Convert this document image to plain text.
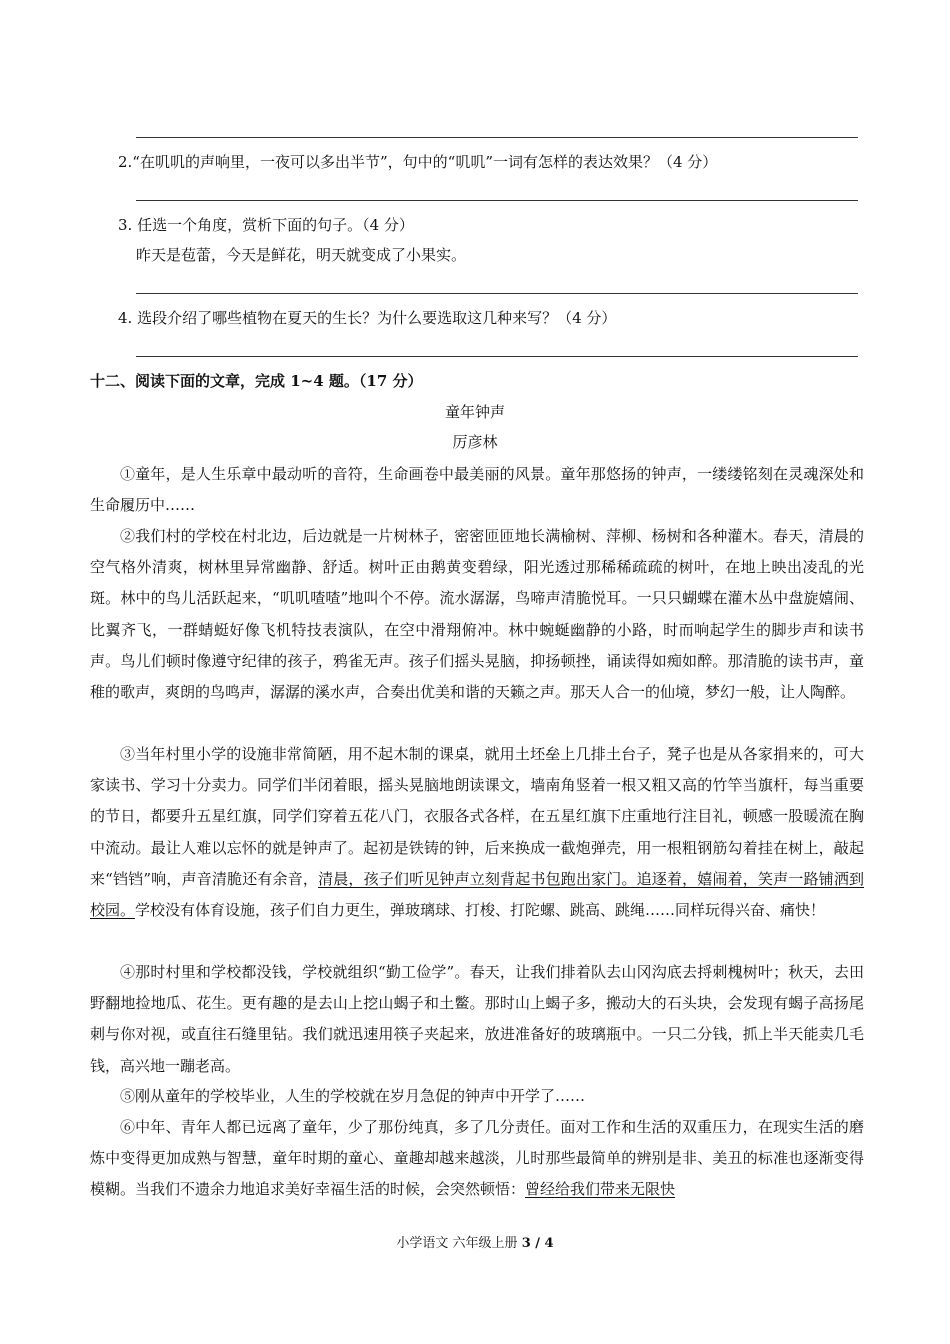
2.“在叽叽的声响里，一夜可以多出半节”，句中的“叽叽”一词有怎样的表达效果？（4 分）
3. 任选一个角度，赏析下面的句子。（4 分）
昨天是苞蕾，今天是鲜花，明天就变成了小果实。
4. 选段介绍了哪些植物在夏天的生长？为什么要选取这几种来写？（4 分）
十二、阅读下面的文章，完成 1~4 题。（17 分）
童年钟声
厉彦林
①童年，是人生乐章中最动听的音符，生命画卷中最美丽的风景。童年那悠扬的钟声，一缕缕铭刻在灵魂深处和生命履历中……
②我们村的学校在村北边，后边就是一片树林子，密密匝匝地长满榆树、萍柳、杨树和各种灌木。春天，清晨的空气格外清爽，树林里异常幽静、舒适。树叶正由鹅黄变碧绿，阳光透过那稀稀疏疏的树叶，在地上映出凌乱的光斑。林中的鸟儿活跃起来，“叽叽喳喳”地叫个不停。流水潺潺，鸟啼声清脆悦耳。一只只蝴蝶在灌木丛中盘旋嬉闹、比翼齐飞，一群蜻蜓好像飞机特技表演队，在空中滑翔俯冲。林中蜿蜒幽静的小路，时而响起学生的脚步声和读书声。鸟儿们顿时像遵守纪律的孩子，鸦雀无声。孩子们摇头晃脑，抑扬顿挫，诵读得如痴如醉。那清脆的读书声，童稚的歌声，爽朗的鸟鸣声，潺潺的溪水声，合奏出优美和谐的天籁之声。那天人合一的仙境，梦幻一般，让人陶醉。
③当年村里小学的设施非常简陋，用不起木制的课桌，就用土坯垒上几排土台子，凳子也是从各家捐来的，可大家读书、学习十分卖力。同学们半闭着眼，摇头晃脑地朗读课文，墙南角竖着一根又粗又高的竹竿当旗杆，每当重要的节日，都要升五星红旗，同学们穿着五花八门，衣服各式各样，在五星红旗下庄重地行注目礼，顿感一股暖流在胸中流动。最让人难以忘怀的就是钟声了。起初是铁铸的钟，后来换成一截炮弹壳，用一根粗钢筋勾着挂在树上，敲起来“铛铛”响，声音清脆还有余音，清晨，孩子们听见钟声立刻背起书包跑出家门。追逐着，嬉闹着，笑声一路铺洒到校园。学校没有体育设施，孩子们自力更生，弹玻璃球、打梭、打陀螺、跳高、跳绳……同样玩得兴奋、痛快！
④那时村里和学校都没钱，学校就组织“勤工俭学”。春天，让我们排着队去山冈沟底去捋刺槐树叶；秋天，去田野翻地捡地瓜、花生。更有趣的是去山上挖山蝎子和土鳖。那时山上蝎子多，搬动大的石头块，会发现有蝎子高扬尾刺与你对视，或直往石缝里钻。我们就迅速用筷子夹起来，放进准备好的玻璃瓶中。一只二分钱，抓上半天能卖几毛钱，高兴地一蹦老高。
⑤刚从童年的学校毕业，人生的学校就在岁月急促的钟声中开学了……
⑥中年、青年人都已远离了童年，少了那份纯真，多了几分责任。面对工作和生活的双重压力，在现实生活的磨炼中变得更加成熟与智慧，童年时期的童心、童趣却越来越淡，儿时那些最简单的辨别是非、美丑的标准也逐渐变得模糊。当我们不遗余力地追求美好幸福生活的时候，会突然顿悟：曾经给我们带来无限快
小学语文 六年级上册 3 / 4
